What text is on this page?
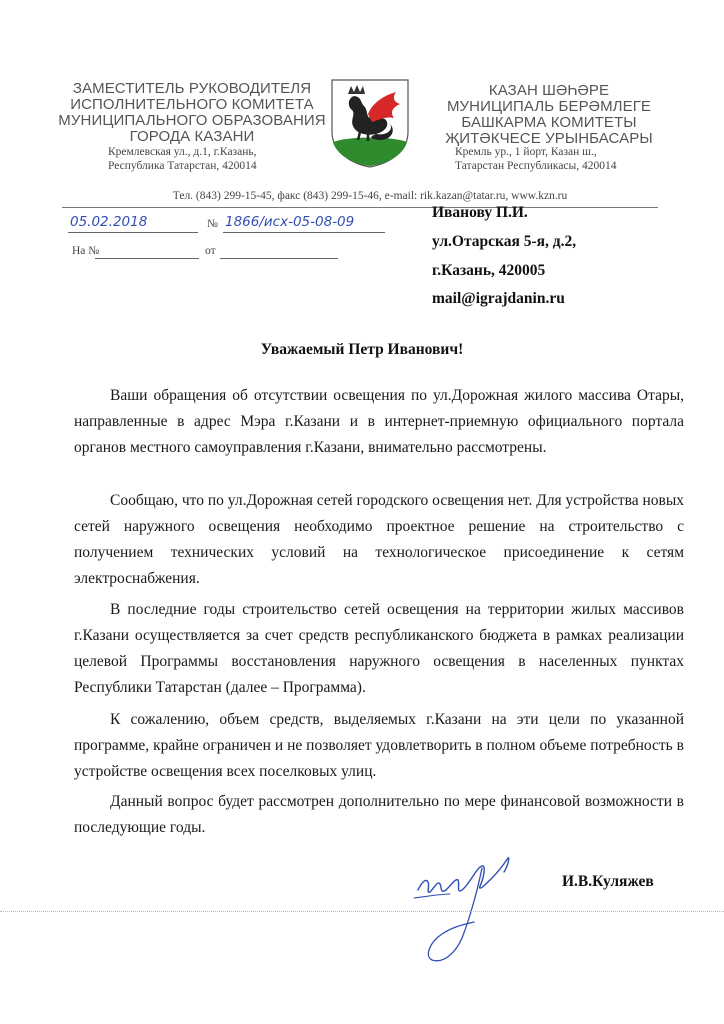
ЗАМЕСТИТЕЛЬ РУКОВОДИТЕЛЯ
ИСПОЛНИТЕЛЬНОГО КОМИТЕТА
МУНИЦИПАЛЬНОГО ОБРАЗОВАНИЯ
ГОРОДА КАЗАНИ
Кремлевская ул., д.1, г.Казань,
Республика Татарстан, 420014
КАЗАН ШӘҺӘРЕ
МУНИЦИПАЛЬ БЕРӘМЛЕГЕ
БАШКАРМА КОМИТЕТЫ
ҖИТӘКЧЕСЕ УРЫНБАСАРЫ
Кремль ур., 1 йорт, Казан ш.,
Татарстан Республикасы, 420014
Тел. (843) 299-15-45, факс (843) 299-15-46, e-mail: rik.kazan@tatar.ru, www.kzn.ru
05.02.2018	№ 1866/исх-05-08-09
На №	от
Иванову П.И.
ул.Отарская 5-я, д.2,
г.Казань, 420005
mail@igrajdanin.ru
Уважаемый Петр Иванович!
Ваши обращения об отсутствии освещения по ул.Дорожная жилого массива Отары, направленные в адрес Мэра г.Казани и в интернет-приемную официального портала органов местного самоуправления г.Казани, внимательно рассмотрены.
Сообщаю, что по ул.Дорожная сетей городского освещения нет. Для устройства новых сетей наружного освещения необходимо проектное решение на строительство с получением технических условий на технологическое присоединение к сетям электроснабжения.
В последние годы строительство сетей освещения на территории жилых массивов г.Казани осуществляется за счет средств республиканского бюджета в рамках реализации целевой Программы восстановления наружного освещения в населенных пунктах Республики Татарстан (далее – Программа).
К сожалению, объем средств, выделяемых г.Казани на эти цели по указанной программе, крайне ограничен и не позволяет удовлетворить в полном объеме потребность в устройстве освещения всех поселковых улиц.
Данный вопрос будет рассмотрен дополнительно по мере финансовой возможности в последующие годы.
И.В.Куляжев
